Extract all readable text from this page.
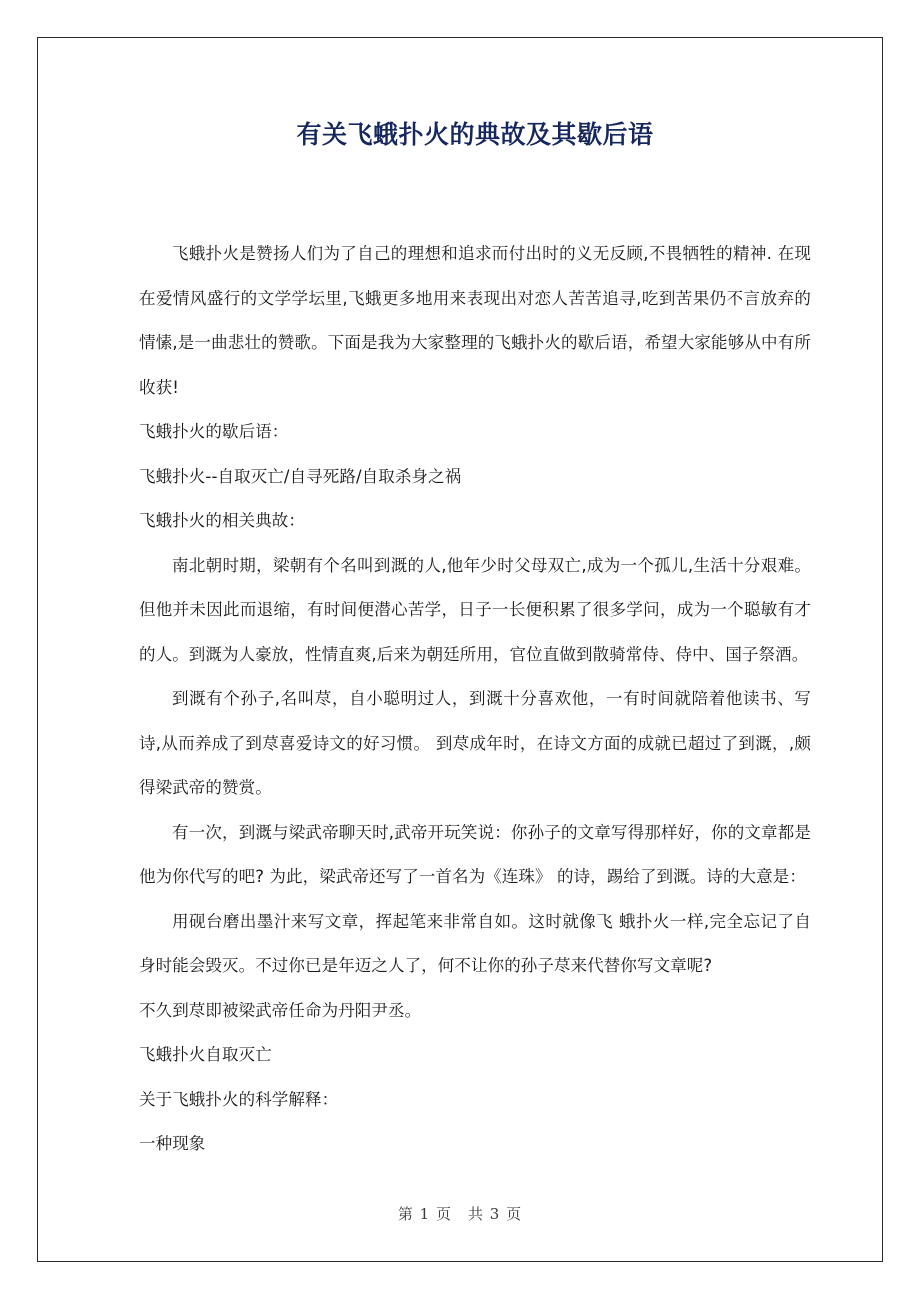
有关飞蛾扑火的典故及其歇后语

飞蛾扑火是赞扬人们为了自己的理想和追求而付出时的义无反顾,不畏牺牲的精神. 在现在爱情风盛行的文学学坛里,飞蛾更多地用来表现出对恋人苦苦追寻,吃到苦果仍不言放弃的情愫,是一曲悲壮的赞歌。下面是我为大家整理的飞蛾扑火的歇后语，希望大家能够从中有所收获!

飞蛾扑火的歇后语：

飞蛾扑火--自取灭亡/自寻死路/自取杀身之祸

飞蛾扑火的相关典故：

南北朝时期，梁朝有个名叫到溉的人,他年少时父母双亡,成为一个孤儿,生活十分艰难。但他并未因此而退缩，有时间便潜心苦学，日子一长便积累了很多学问，成为一个聪敏有才的人。到溉为人豪放，性情直爽,后来为朝廷所用，官位直做到散骑常侍、侍中、国子祭酒。

到溉有个孙子,名叫荩，自小聪明过人，到溉十分喜欢他，一有时间就陪着他读书、写诗,从而养成了到荩喜爱诗文的好习惯。 到荩成年时，在诗文方面的成就已超过了到溉，,颇得梁武帝的赞赏。

有一次，到溉与梁武帝聊天时,武帝开玩笑说：你孙子的文章写得那样好，你的文章都是他为你代写的吧? 为此，梁武帝还写了一首名为《连珠》 的诗，踢给了到溉。诗的大意是：

用砚台磨出墨汁来写文章，挥起笔来非常自如。这时就像飞 蛾扑火一样,完全忘记了自身时能会毁灭。不过你已是年迈之人了，何不让你的孙子荩来代替你写文章呢?

不久到荩即被梁武帝任命为丹阳尹丞。

飞蛾扑火自取灭亡

关于飞蛾扑火的科学解释：

一种现象

第 1 页　共 3 页
